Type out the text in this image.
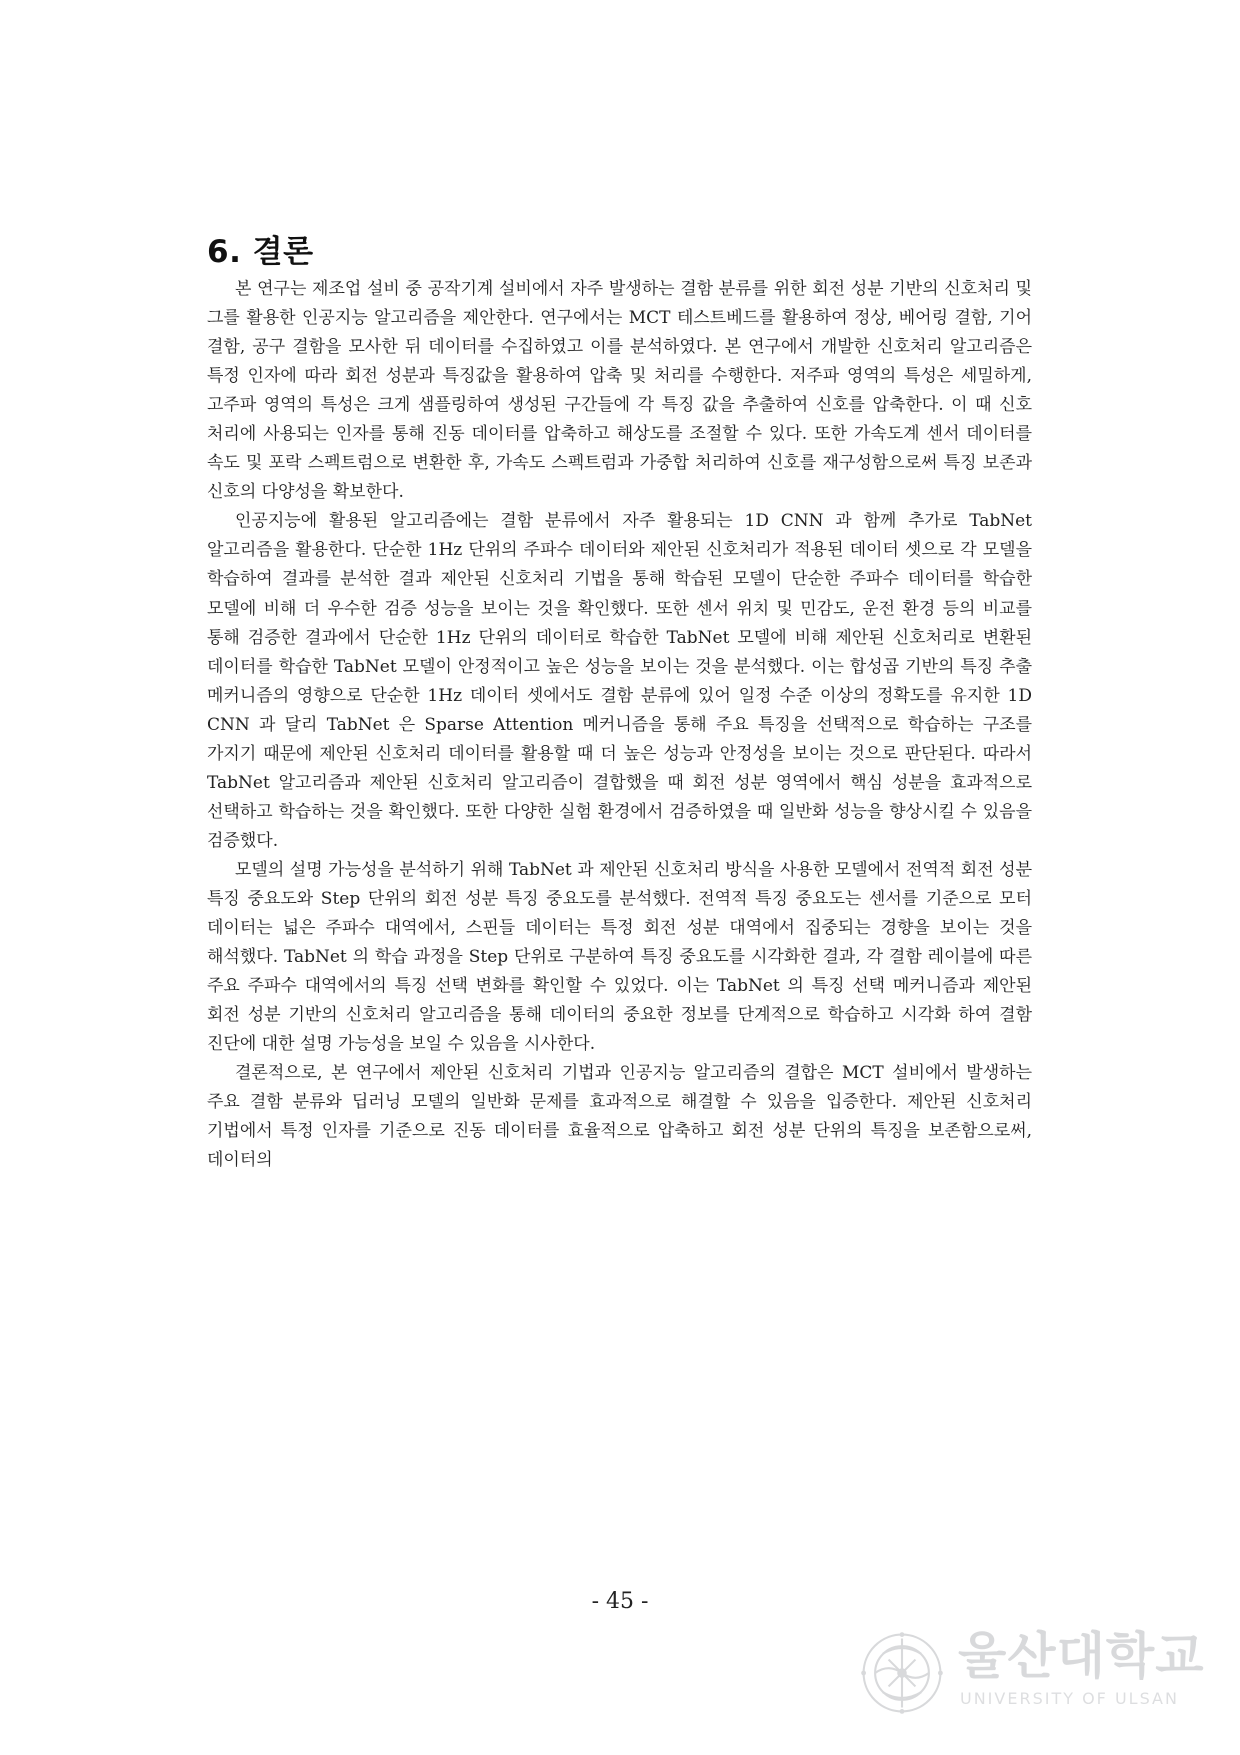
6. 결론

본 연구는 제조업 설비 중 공작기계 설비에서 자주 발생하는 결함 분류를 위한 회전 성분 기반의 신호처리 및 그를 활용한 인공지능 알고리즘을 제안한다. 연구에서는 MCT 테스트베드를 활용하여 정상, 베어링 결함, 기어 결함, 공구 결함을 모사한 뒤 데이터를 수집하였고 이를 분석하였다. 본 연구에서 개발한 신호처리 알고리즘은 특정 인자에 따라 회전 성분과 특징값을 활용하여 압축 및 처리를 수행한다. 저주파 영역의 특성은 세밀하게, 고주파 영역의 특성은 크게 샘플링하여 생성된 구간들에 각 특징 값을 추출하여 신호를 압축한다. 이 때 신호 처리에 사용되는 인자를 통해 진동 데이터를 압축하고 해상도를 조절할 수 있다. 또한 가속도계 센서 데이터를 속도 및 포락 스펙트럼으로 변환한 후, 가속도 스펙트럼과 가중합 처리하여 신호를 재구성함으로써 특징 보존과 신호의 다양성을 확보한다.

인공지능에 활용된 알고리즘에는 결함 분류에서 자주 활용되는 1D CNN 과 함께 추가로 TabNet 알고리즘을 활용한다. 단순한 1Hz 단위의 주파수 데이터와 제안된 신호처리가 적용된 데이터 셋으로 각 모델을 학습하여 결과를 분석한 결과 제안된 신호처리 기법을 통해 학습된 모델이 단순한 주파수 데이터를 학습한 모델에 비해 더 우수한 검증 성능을 보이는 것을 확인했다. 또한 센서 위치 및 민감도, 운전 환경 등의 비교를 통해 검증한 결과에서 단순한 1Hz 단위의 데이터로 학습한 TabNet 모델에 비해 제안된 신호처리로 변환된 데이터를 학습한 TabNet 모델이 안정적이고 높은 성능을 보이는 것을 분석했다. 이는 합성곱 기반의 특징 추출 메커니즘의 영향으로 단순한 1Hz 데이터 셋에서도 결함 분류에 있어 일정 수준 이상의 정확도를 유지한 1D CNN 과 달리 TabNet 은 Sparse Attention 메커니즘을 통해 주요 특징을 선택적으로 학습하는 구조를 가지기 때문에 제안된 신호처리 데이터를 활용할 때 더 높은 성능과 안정성을 보이는 것으로 판단된다. 따라서 TabNet 알고리즘과 제안된 신호처리 알고리즘이 결합했을 때 회전 성분 영역에서 핵심 성분을 효과적으로 선택하고 학습하는 것을 확인했다. 또한 다양한 실험 환경에서 검증하였을 때 일반화 성능을 향상시킬 수 있음을 검증했다.

모델의 설명 가능성을 분석하기 위해 TabNet 과 제안된 신호처리 방식을 사용한 모델에서 전역적 회전 성분 특징 중요도와 Step 단위의 회전 성분 특징 중요도를 분석했다. 전역적 특징 중요도는 센서를 기준으로 모터 데이터는 넓은 주파수 대역에서, 스핀들 데이터는 특정 회전 성분 대역에서 집중되는 경향을 보이는 것을 해석했다. TabNet 의 학습 과정을 Step 단위로 구분하여 특징 중요도를 시각화한 결과, 각 결함 레이블에 따른 주요 주파수 대역에서의 특징 선택 변화를 확인할 수 있었다. 이는 TabNet 의 특징 선택 메커니즘과 제안된 회전 성분 기반의 신호처리 알고리즘을 통해 데이터의 중요한 정보를 단계적으로 학습하고 시각화 하여 결함 진단에 대한 설명 가능성을 보일 수 있음을 시사한다.

결론적으로, 본 연구에서 제안된 신호처리 기법과 인공지능 알고리즘의 결합은 MCT 설비에서 발생하는 주요 결함 분류와 딥러닝 모델의 일반화 문제를 효과적으로 해결할 수 있음을 입증한다. 제안된 신호처리 기법에서 특정 인자를 기준으로 진동 데이터를 효율적으로 압축하고 회전 성분 단위의 특징을 보존함으로써, 데이터의

- 45 -
울산대학교
UNIVERSITY OF ULSAN
